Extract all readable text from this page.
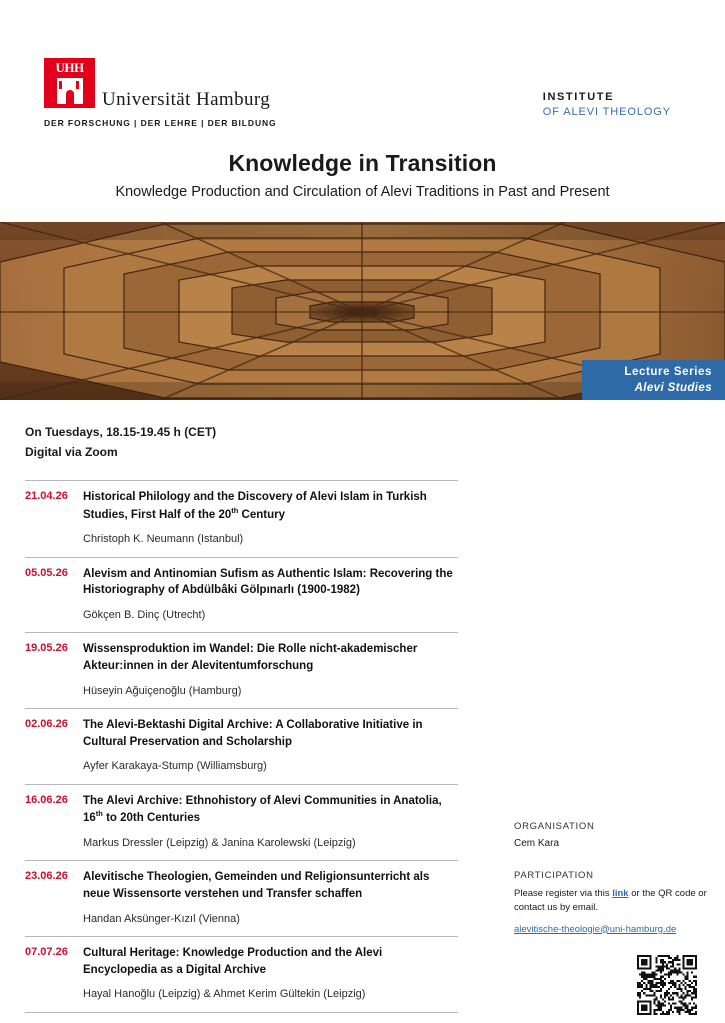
UHH
Universität Hamburg
DER FORSCHUNG | DER LEHRE | DER BILDUNG
INSTITUTE
OF ALEVI THEOLOGY
Knowledge in Transition
Knowledge Production and Circulation of Alevi Traditions in Past and Present
Lecture Series
Alevi Studies
On Tuesdays, 18.15-19.45 h (CET)
Digital via Zoom
21.04.26	Historical Philology and the Discovery of Alevi Islam in Turkish Studies, First Half of the 20th Century
Christoph K. Neumann (Istanbul)
05.05.26	Alevism and Antinomian Sufism as Authentic Islam: Recovering the Historiography of Abdülbâki Gölpınarlı (1900-1982)
Gökçen B. Dinç (Utrecht)
19.05.26	Wissensproduktion im Wandel: Die Rolle nicht-akademischer Akteur:innen in der Alevitentumforschung
Hüseyin Ağuiçenoğlu (Hamburg)
02.06.26	The Alevi-Bektashi Digital Archive: A Collaborative Initiative in Cultural Preservation and Scholarship
Ayfer Karakaya-Stump (Williamsburg)
16.06.26	The Alevi Archive: Ethnohistory of Alevi Communities in Anatolia, 16th to 20th Centuries
Markus Dressler (Leipzig) & Janina Karolewski (Leipzig)
23.06.26	Alevitische Theologien, Gemeinden und Religionsunterricht als neue Wissensorte verstehen und Transfer schaffen
Handan Aksünger-Kızıl (Vienna)
07.07.26	Cultural Heritage: Knowledge Production and the Alevi Encyclopedia as a Digital Archive
Hayal Hanoğlu (Leipzig) & Ahmet Kerim Gültekin (Leipzig)
ORGANISATION
Cem Kara
PARTICIPATION
Please register via this link or the QR code or contact us by email.
alevitische-theologie@uni-hamburg.de
